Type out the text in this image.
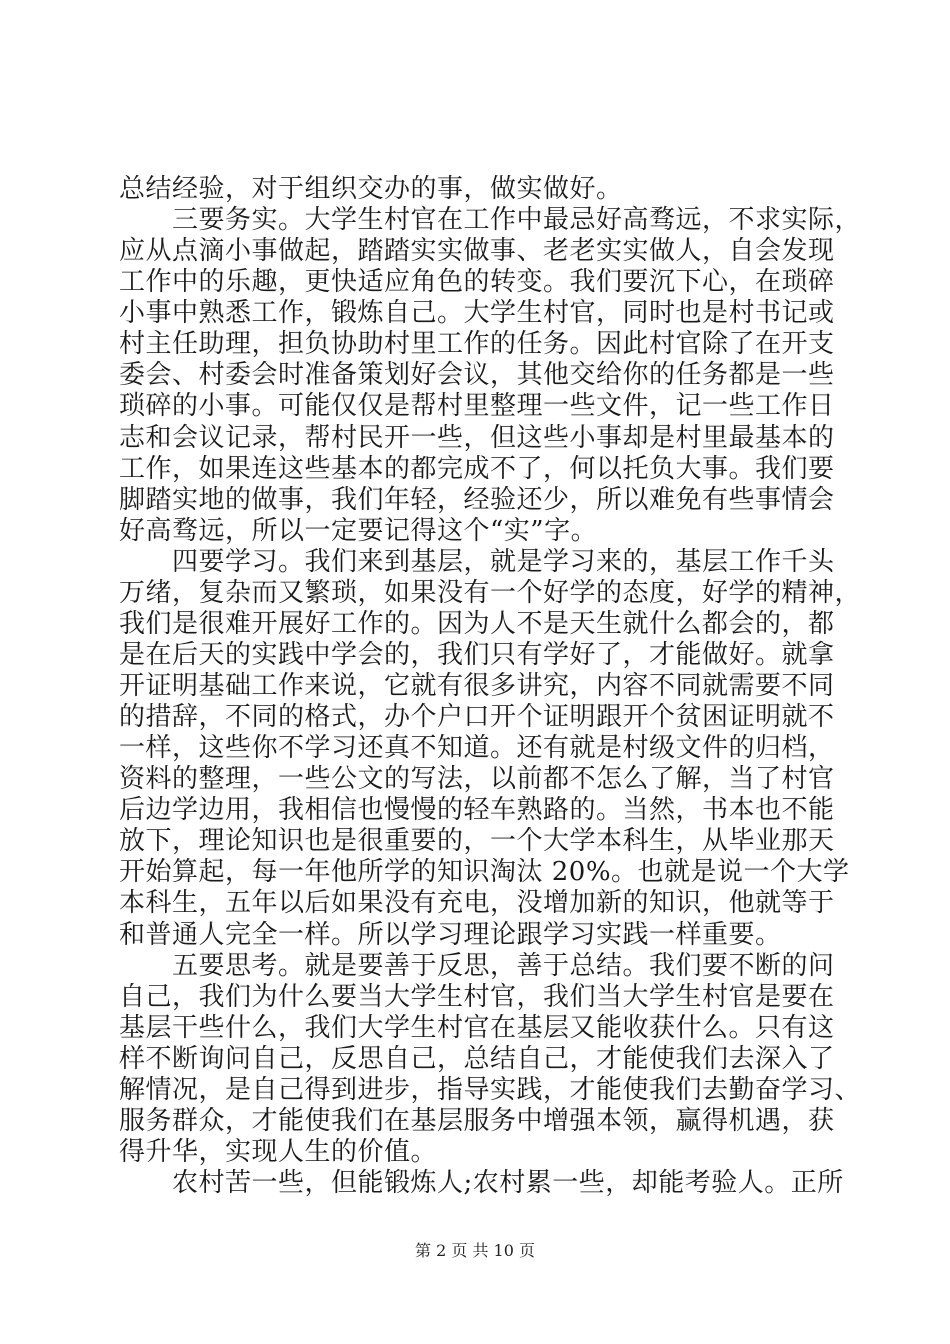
第 2 页 共 10 页
总结经验，对于组织交办的事，做实做好。
　　三要务实。大学生村官在工作中最忌好高骛远，不求实际，
应从点滴小事做起，踏踏实实做事、老老实实做人，自会发现
工作中的乐趣，更快适应角色的转变。我们要沉下心，在琐碎
小事中熟悉工作，锻炼自己。大学生村官，同时也是村书记或
村主任助理，担负协助村里工作的任务。因此村官除了在开支
委会、村委会时准备策划好会议，其他交给你的任务都是一些
琐碎的小事。可能仅仅是帮村里整理一些文件，记一些工作日
志和会议记录，帮村民开一些，但这些小事却是村里最基本的
工作，如果连这些基本的都完成不了，何以托负大事。我们要
脚踏实地的做事，我们年轻，经验还少，所以难免有些事情会
好高骛远，所以一定要记得这个“实”字。
　　四要学习。我们来到基层，就是学习来的，基层工作千头
万绪，复杂而又繁琐，如果没有一个好学的态度，好学的精神，
我们是很难开展好工作的。因为人不是天生就什么都会的，都
是在后天的实践中学会的，我们只有学好了，才能做好。就拿
开证明基础工作来说，它就有很多讲究，内容不同就需要不同
的措辞，不同的格式，办个户口开个证明跟开个贫困证明就不
一样，这些你不学习还真不知道。还有就是村级文件的归档，
资料的整理，一些公文的写法，以前都不怎么了解，当了村官
后边学边用，我相信也慢慢的轻车熟路的。当然，书本也不能
放下，理论知识也是很重要的，一个大学本科生，从毕业那天
开始算起，每一年他所学的知识淘汰 20%。也就是说一个大学
本科生，五年以后如果没有充电，没增加新的知识，他就等于
和普通人完全一样。所以学习理论跟学习实践一样重要。
　　五要思考。就是要善于反思，善于总结。我们要不断的问
自己，我们为什么要当大学生村官，我们当大学生村官是要在
基层干些什么，我们大学生村官在基层又能收获什么。只有这
样不断询问自己，反思自己，总结自己，才能使我们去深入了
解情况，是自己得到进步，指导实践，才能使我们去勤奋学习、
服务群众，才能使我们在基层服务中增强本领，赢得机遇，获
得升华，实现人生的价值。
　　农村苦一些，但能锻炼人;农村累一些，却能考验人。正所
